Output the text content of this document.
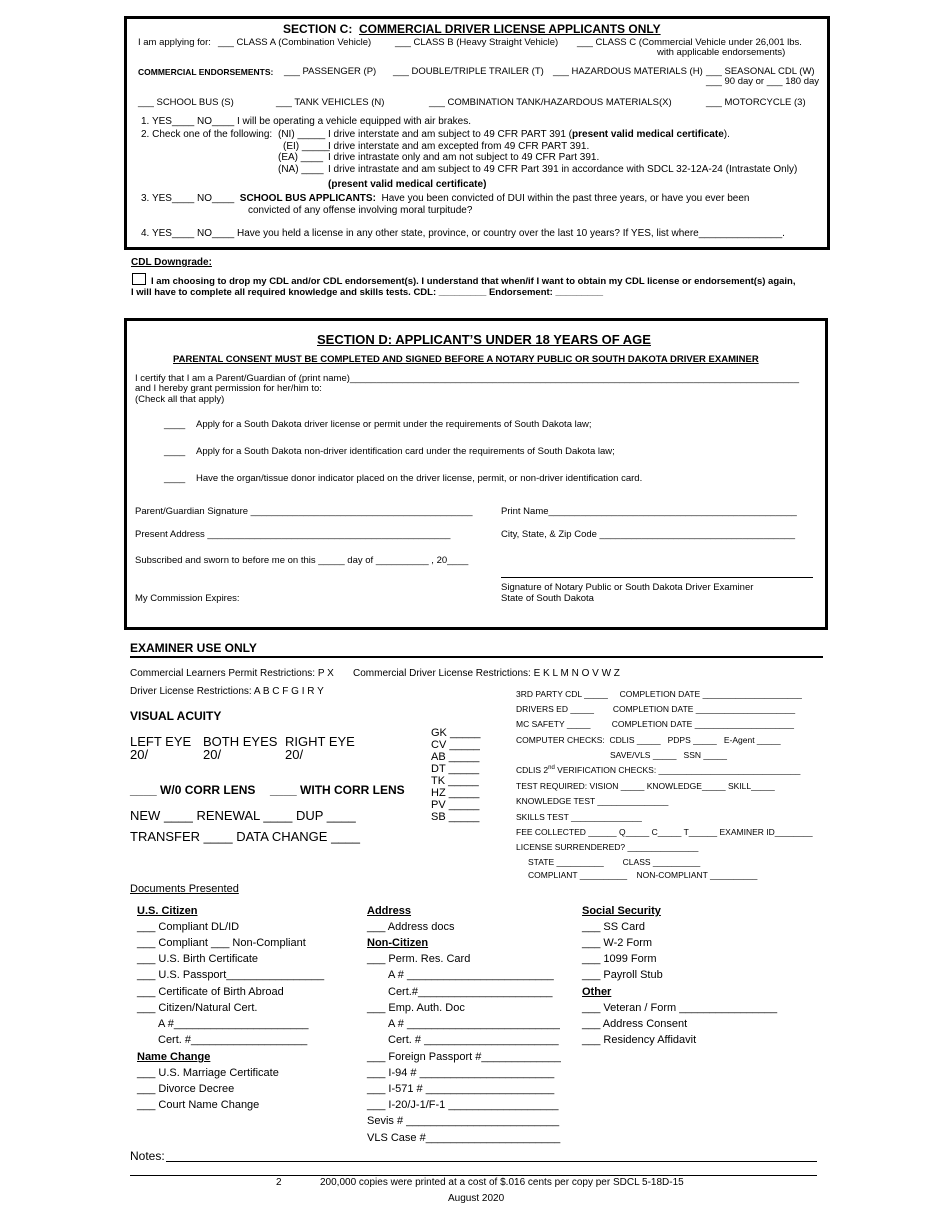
SECTION C: COMMERCIAL DRIVER LICENSE APPLICANTS ONLY
I am applying for: ___ CLASS A (Combination Vehicle)	___ CLASS B (Heavy Straight Vehicle) ___ CLASS C (Commercial Vehicle under 26,001 lbs.
with applicable endorsements)
COMMERCIAL ENDORSEMENTS: ___ PASSENGER (P) ___ DOUBLE/TRIPLE TRAILER (T) ___ HAZARDOUS MATERIALS (H) ___ SEASONAL CDL (W)
___ 90 day or ___ 180 day
___ SCHOOL BUS (S)	___ TANK VEHICLES (N)	___ COMBINATION TANK/HAZARDOUS MATERIALS(X)	___ MOTORCYCLE (3)
1. YES____ NO____ I will be operating a vehicle equipped with air brakes.
2. Check one of the following: (NI) _____ I drive interstate and am subject to 49 CFR PART 391 (present valid medical certificate).
(EI) _____
I drive interstate and am excepted from 49 CFR PART 391.
(EA) ____ I drive intrastate only and am not subject to 49 CFR Part 391.
(NA) ____ I drive intrastate and am subject to 49 CFR Part 391 in accordance with SDCL 32-12A-24 (Intrastate Only)
(present valid medical certificate)
3. YES____ NO____ SCHOOL BUS APPLICANTS: Have you been convicted of DUI within the past three years, or have you ever been
convicted of any offense involving moral turpitude?
4. YES____ NO____ Have you held a license in any other state, province, or country over the last 10 years? If YES, list where_______________.
CDL Downgrade:
I am choosing to drop my CDL and/or CDL endorsement(s). I understand that when/if I want to obtain my CDL license or endorsement(s) again,
I will have to complete all required knowledge and skills tests. CDL: _________ Endorsement: _________
SECTION D: APPLICANT’S UNDER 18 YEARS OF AGE
PARENTAL CONSENT MUST BE COMPLETED AND SIGNED BEFORE A NOTARY PUBLIC OR SOUTH DAKOTA DRIVER EXAMINER
I certify that I am a Parent/Guardian of (print name)_____________________________________________________________________________________
and I hereby grant permission for her/him to:
(Check all that apply)
____ Apply for a South Dakota driver license or permit under the requirements of South Dakota law;
____ Apply for a South Dakota non-driver identification card under the requirements of South Dakota law;
____ Have the organ/tissue donor indicator placed on the driver license, permit, or non-driver identification card.
Parent/Guardian Signature __________________________________________	Print Name_______________________________________________
Present Address ______________________________________________	City, State, & Zip Code _____________________________________
Subscribed and sworn to before me on this _____ day of __________ , 20____
My Commission Expires:
Signature of Notary Public or South Dakota Driver Examiner
State of South Dakota
EXAMINER USE ONLY
Commercial Learners Permit Restrictions: P X Commercial Driver License Restrictions: E K L M N O V W Z
Driver License Restrictions: A B C F G I R Y
VISUAL ACUITY
LEFT EYE BOTH EYES RIGHT EYE
20/	20/	20/
____ W/0 CORR LENS ____ WITH CORR LENS
NEW ____ RENEWAL ____ DUP ____
TRANSFER ____ DATA CHANGE ____
GK _____
CV _____
AB _____
DT _____
TK _____
HZ _____
PV _____
SB _____
3RD PARTY CDL _____     COMPLETION DATE _____________________
DRIVERS ED _____        COMPLETION DATE _____________________
MC SAFETY _____         COMPLETION DATE _____________________
COMPUTER CHECKS:  CDLIS _____   PDPS _____   E-Agent _____
SAVE/VLS _____   SSN _____
CDLIS 2nd VERIFICATION CHECKS: ______________________________
TEST REQUIRED: VISION _____ KNOWLEDGE_____ SKILL_____
KNOWLEDGE TEST _______________
SKILLS TEST _______________
FEE COLLECTED ______ Q_____ C_____ T______ EXAMINER ID________
LICENSE SURRENDERED? _______________
STATE __________        CLASS __________
COMPLIANT __________    NON-COMPLIANT __________
Documents Presented
U.S. Citizen
___ Compliant DL/ID
___ Compliant ___ Non-Compliant
___ U.S. Birth Certificate
___ U.S. Passport________________
___ Certificate of Birth Abroad
___ Citizen/Natural Cert.
A #______________________
Cert. #___________________
Name Change
___ U.S. Marriage Certificate
___ Divorce Decree
___ Court Name Change
Address
___ Address docs
Non-Citizen
___ Perm. Res. Card
A # ________________________
Cert.#______________________
___ Emp. Auth. Doc
A # _________________________
Cert. # ______________________
___ Foreign Passport #_____________
___ I-94 # ______________________
___ I-571 # _____________________
___ I-20/J-1/F-1 __________________
Sevis # _________________________
VLS Case #______________________
Social Security
___ SS Card
___ W-2 Form
___ 1099 Form
___ Payroll Stub
Other
___ Veteran / Form ________________
___ Address Consent
___ Residency Affidavit
Notes:
2	200,000 copies were printed at a cost of $.016 cents per copy per SDCL 5-18D-15
August 2020
